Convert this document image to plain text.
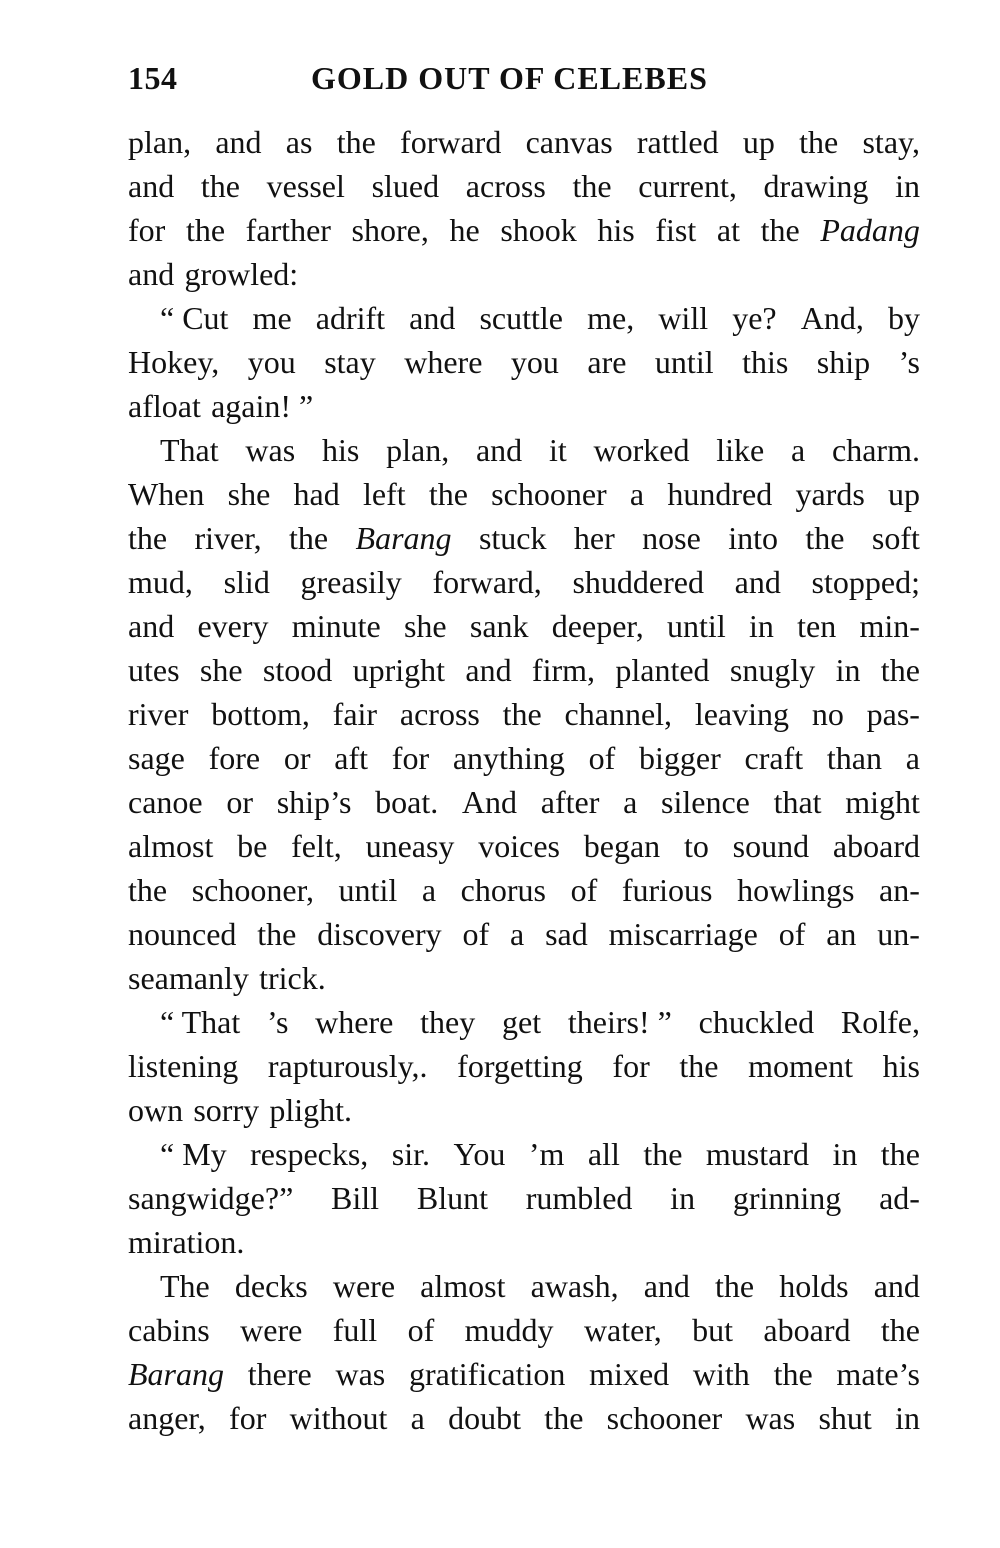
154	GOLD OUT OF CELEBES
plan, and as the forward canvas rattled up the stay,
and the vessel slued across the current, drawing in
for the farther shore, he shook his fist at the Padang
and growled:
“ Cut me adrift and scuttle me, will ye? And, by
Hokey, you stay where you are until this ship ’s
afloat again! ”
That was his plan, and it worked like a charm.
When she had left the schooner a hundred yards up
the river, the Barang stuck her nose into the soft
mud, slid greasily forward, shuddered and stopped;
and every minute she sank deeper, until in ten min-
utes she stood upright and firm, planted snugly in the
river bottom, fair across the channel, leaving no pas-
sage fore or aft for anything of bigger craft than a
canoe or ship’s boat. And after a silence that might
almost be felt, uneasy voices began to sound aboard
the schooner, until a chorus of furious howlings an-
nounced the discovery of a sad miscarriage of an un-
seamanly trick.
“ That ’s where they get theirs! ” chuckled Rolfe,
listening rapturously,. forgetting for the moment his
own sorry plight.
“ My respecks, sir. You ’m all the mustard in the
sangwidge?” Bill Blunt rumbled in grinning ad-
miration.
The decks were almost awash, and the holds and
cabins were full of muddy water, but aboard the
Barang there was gratification mixed with the mate’s
anger, for without a doubt the schooner was shut in
